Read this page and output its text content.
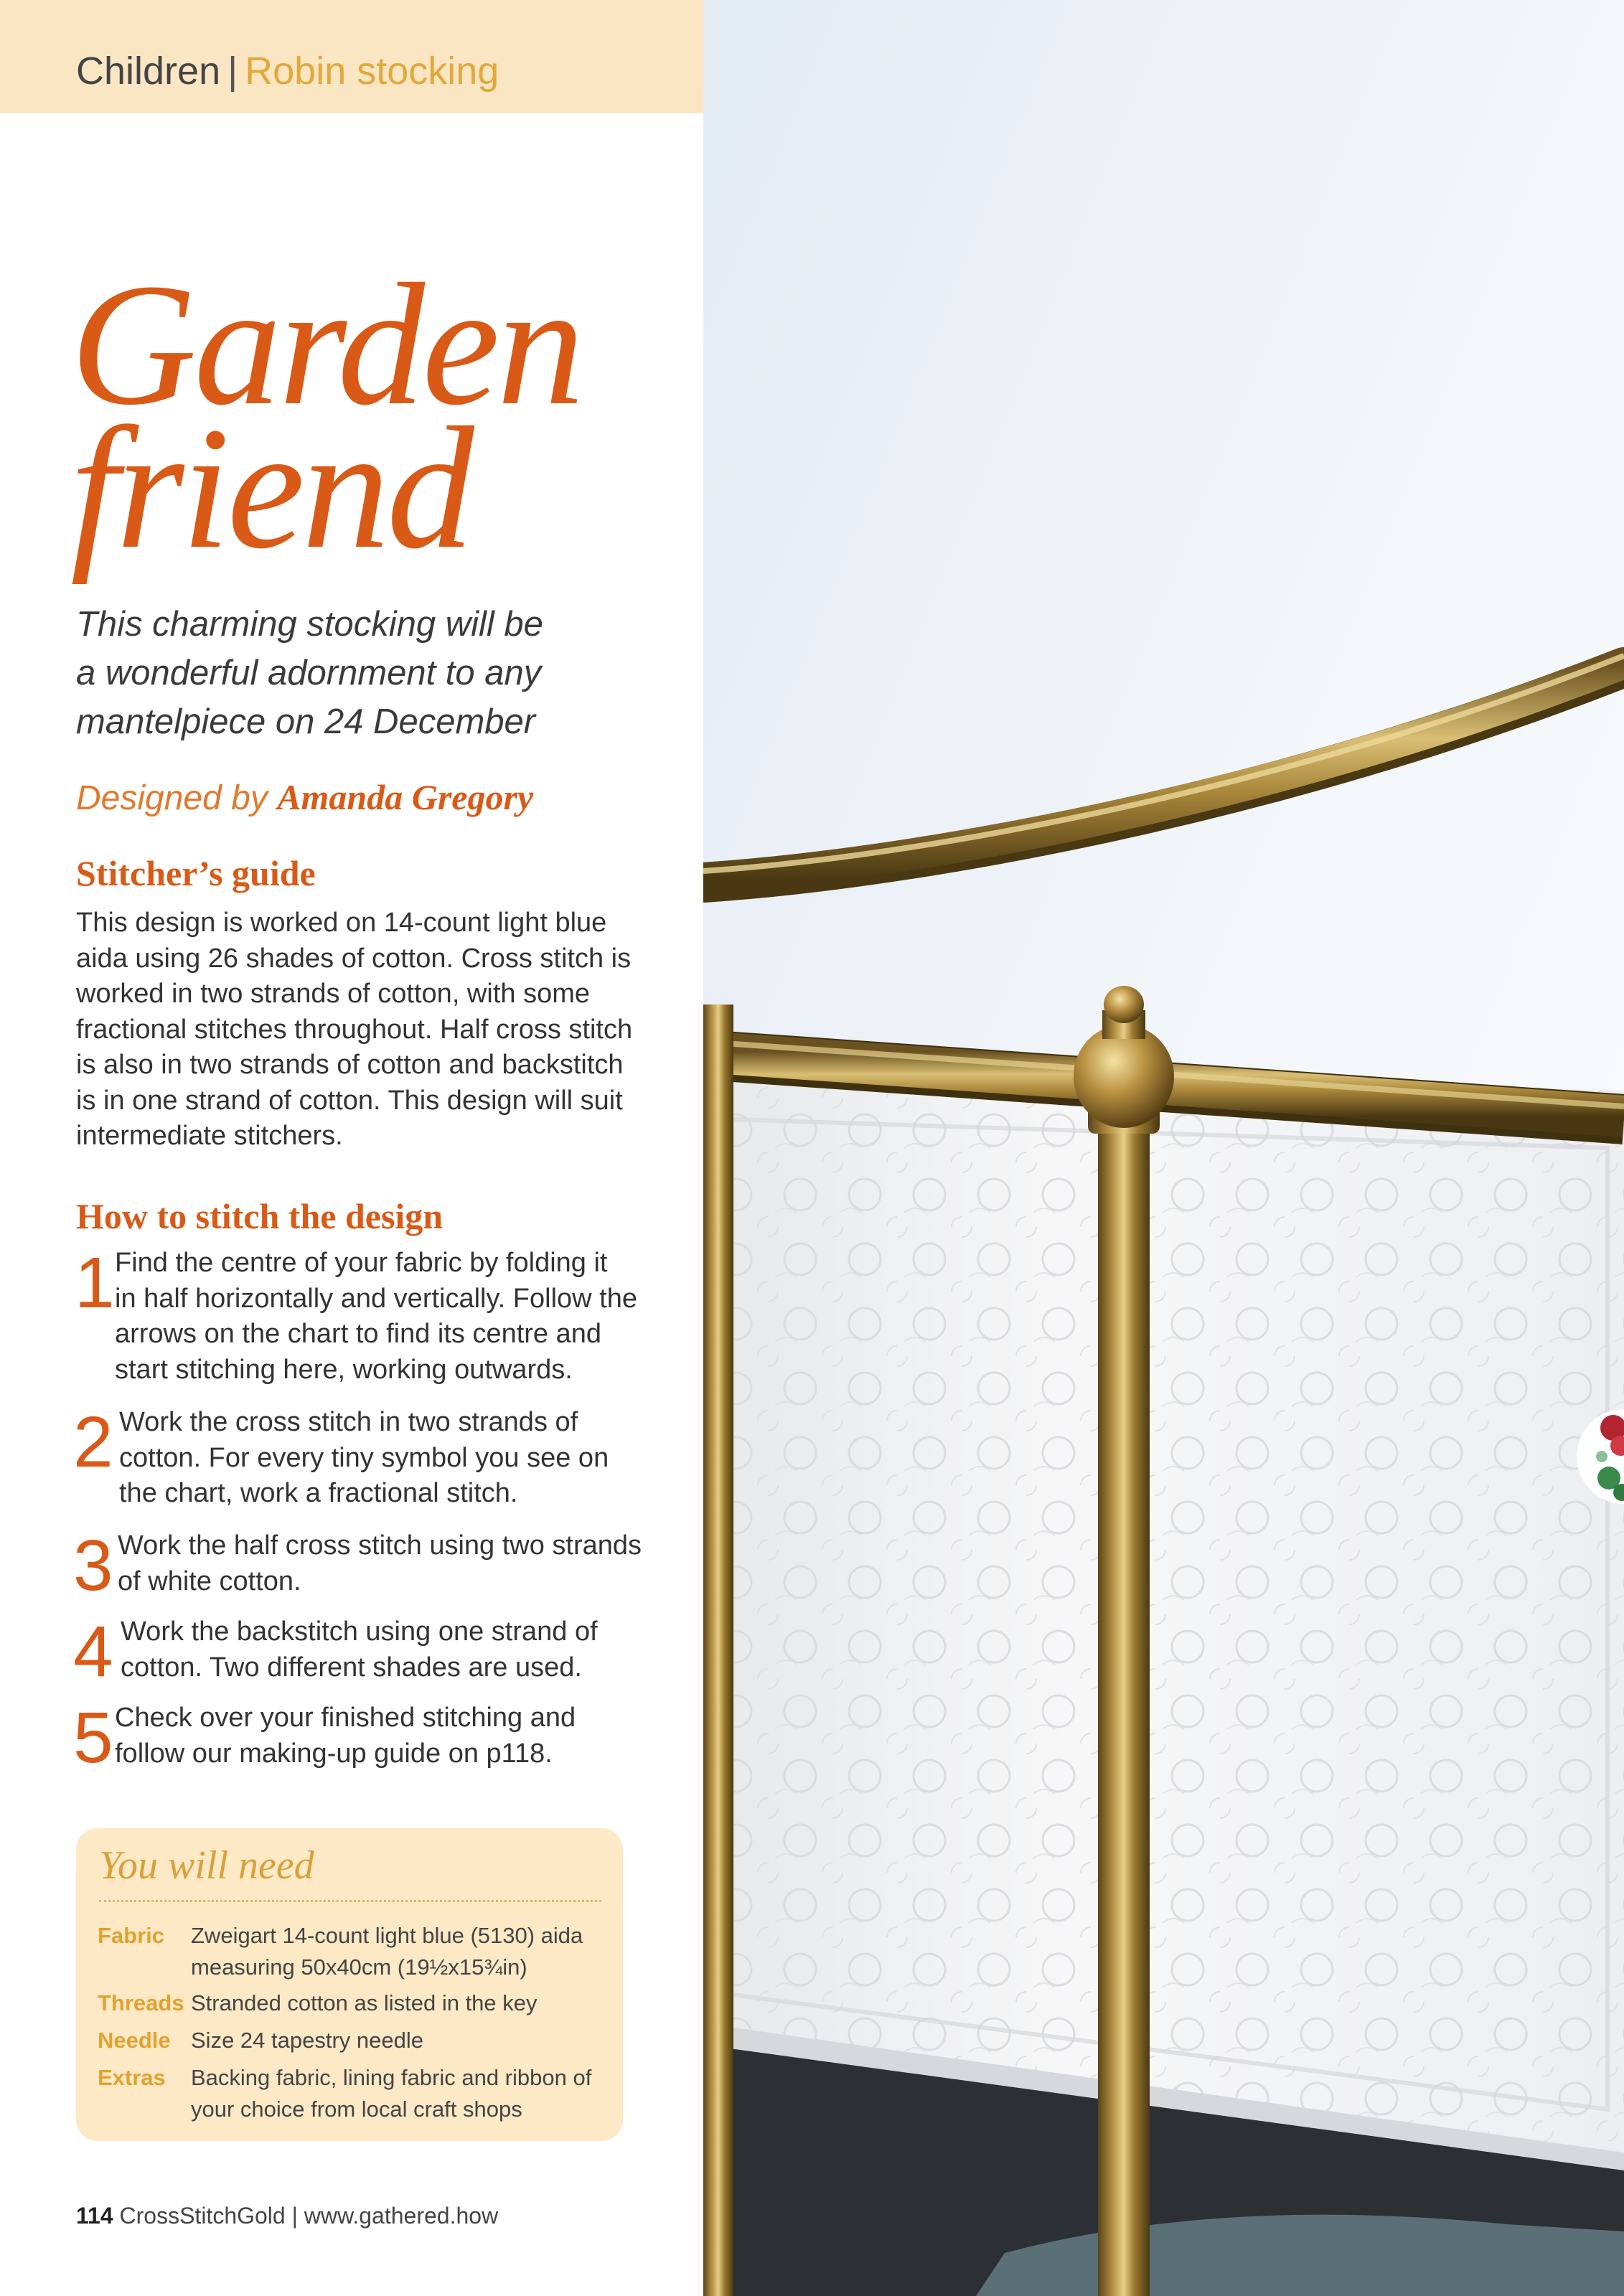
Children | Robin stocking
Garden
friend

This charming stocking will be
a wonderful adornment to any
mantelpiece on 24 December

Designed by Amanda Gregory
Stitcher’s guide
This design is worked on 14-count light blue
aida using 26 shades of cotton. Cross stitch is
worked in two strands of cotton, with some
fractional stitches throughout. Half cross stitch
is also in two strands of cotton and backstitch
is in one strand of cotton. This design will suit
intermediate stitchers.
How to stitch the design
1 Find the centre of your fabric by folding it
in half horizontally and vertically. Follow the
arrows on the chart to find its centre and
start stitching here, working outwards.
2 Work the cross stitch in two strands of
cotton. For every tiny symbol you see on
the chart, work a fractional stitch.
3 Work the half cross stitch using two strands
of white cotton.
4 Work the backstitch using one strand of
cotton. Two different shades are used.
5 Check over your finished stitching and
follow our making-up guide on p118.
You will need
Fabric Zweigart 14-count light blue (5130) aida
measuring 50x40cm (19½x15¾in)
Threads Stranded cotton as listed in the key
Needle Size 24 tapestry needle
Extras Backing fabric, lining fabric and ribbon of
your choice from local craft shops
114 CrossStitchGold | www.gathered.how
